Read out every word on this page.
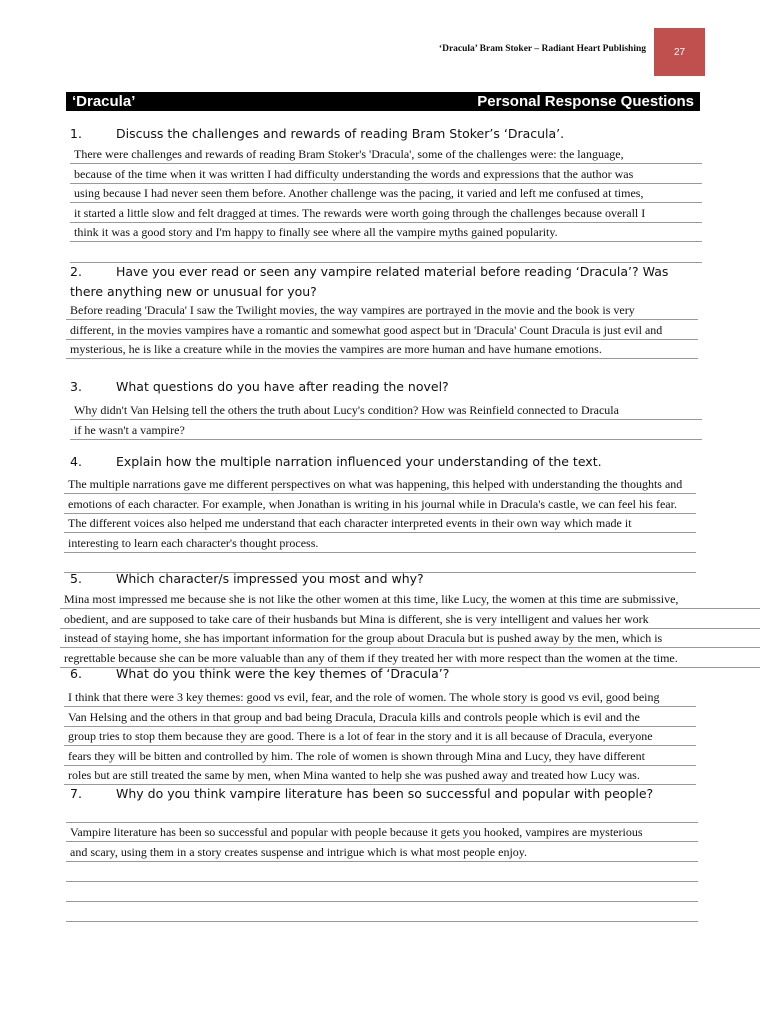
‘Dracula’ Bram Stoker – Radiant Heart Publishing	27
‘Dracula’	Personal Response Questions
1.	Discuss the challenges and rewards of reading Bram Stoker’s ‘Dracula’.
There were challenges and rewards of reading Bram Stoker's 'Dracula', some of the challenges were: the language,
because of the time when it was written I had difficulty understanding the words and expressions that the author was
using because I had never seen them before. Another challenge was the pacing, it varied and left me confused at times,
it started a little slow and felt dragged at times. The rewards were worth going through the challenges because overall I
think it was a good story and I'm happy to finally see where all the vampire myths gained popularity.
2.	Have you ever read or seen any vampire related material before reading ‘Dracula’? Was
there anything new or unusual for you?
Before reading 'Dracula' I saw the Twilight movies, the way vampires are portrayed in the movie and the book is very
different, in the movies vampires have a romantic and somewhat good aspect but in 'Dracula' Count Dracula is just evil and
mysterious, he is like a creature while in the movies the vampires are more human and have humane emotions.
3.	What questions do you have after reading the novel?
Why didn't Van Helsing tell the others the truth about Lucy's condition? How was Reinfield connected to Dracula
if he wasn't a vampire?
4.	Explain how the multiple narration influenced your understanding of the text.
The multiple narrations gave me different perspectives on what was happening, this helped with understanding the thoughts and
emotions of each character. For example, when Jonathan is writing in his journal while in Dracula's castle, we can feel his fear.
The different voices also helped me understand that each character interpreted events in their own way which made it
interesting to learn each character's thought process.
5.	Which character/s impressed you most and why?
Mina most impressed me because she is not like the other women at this time, like Lucy, the women at this time are submissive,
obedient, and are supposed to take care of their husbands but Mina is different, she is very intelligent and values her work
instead of staying home, she has important information for the group about Dracula but is pushed away by the men, which is
regrettable because she can be more valuable than any of them if they treated her with more respect than the women at the time.
6.	What do you think were the key themes of ‘Dracula’?
I think that there were 3 key themes: good vs evil, fear, and the role of women. The whole story is good vs evil, good being
Van Helsing and the others in that group and bad being Dracula, Dracula kills and controls people which is evil and the
group tries to stop them because they are good. There is a lot of fear in the story and it is all because of Dracula, everyone
fears they will be bitten and controlled by him. The role of women is shown through Mina and Lucy, they have different
roles but are still treated the same by men, when Mina wanted to help she was pushed away and treated how Lucy was.
7.	Why do you think vampire literature has been so successful and popular with people?
Vampire literature has been so successful and popular with people because it gets you hooked, vampires are mysterious
and scary, using them in a story creates suspense and intrigue which is what most people enjoy.
